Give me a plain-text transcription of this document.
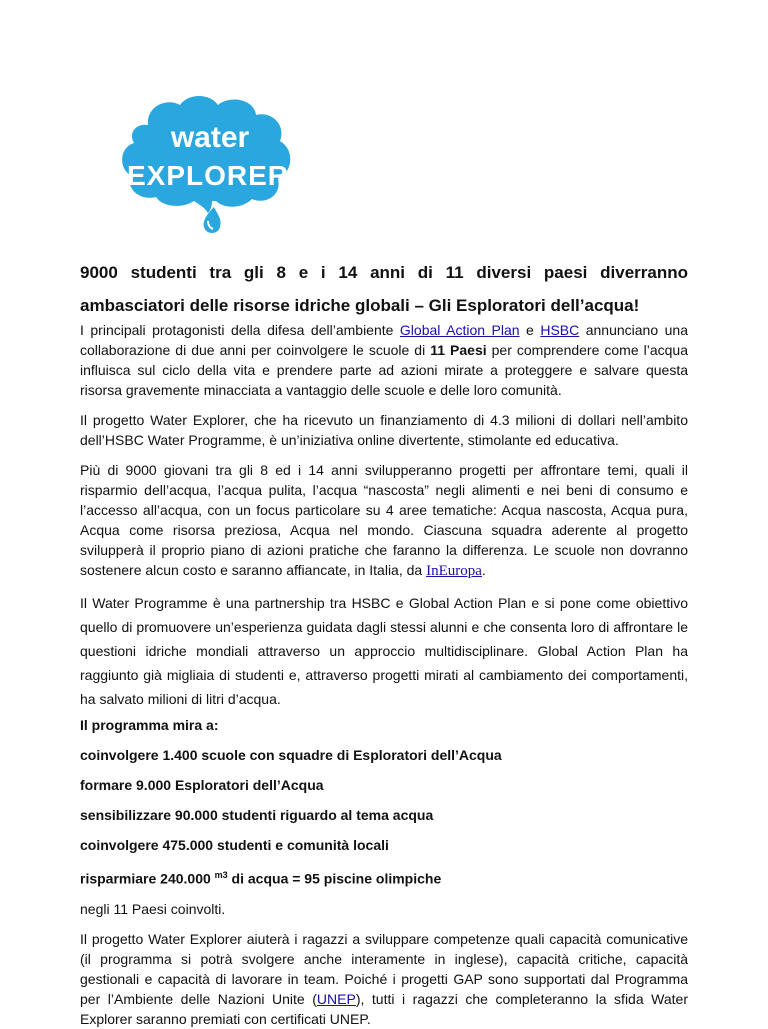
water
EXPLORER
9000 studenti tra gli 8 e i 14 anni di 11 diversi paesi diverranno ambasciatori delle risorse idriche globali – Gli Esploratori dell’acqua!

I principali protagonisti della difesa dell’ambiente Global Action Plan e HSBC annunciano una collaborazione di due anni per coinvolgere le scuole di 11 Paesi per comprendere come l’acqua influisca sul ciclo della vita e prendere parte ad azioni mirate a proteggere e salvare questa risorsa gravemente minacciata a vantaggio delle scuole e delle loro comunità.

Il progetto Water Explorer, che ha ricevuto un finanziamento di 4.3 milioni di dollari nell’ambito dell’HSBC Water Programme, è un’iniziativa online divertente, stimolante ed educativa.

Più di 9000 giovani tra gli 8 ed i 14 anni svilupperanno progetti per affrontare temi, quali il risparmio dell’acqua, l’acqua pulita, l’acqua “nascosta” negli alimenti e nei beni di consumo e l’accesso all’acqua, con un focus particolare su 4 aree tematiche: Acqua nascosta, Acqua pura, Acqua come risorsa preziosa, Acqua nel mondo. Ciascuna squadra aderente al progetto svilupperà il proprio piano di azioni pratiche che faranno la differenza. Le scuole non dovranno sostenere alcun costo e saranno affiancate, in Italia, da InEuropa.

Il Water Programme è una partnership tra HSBC e Global Action Plan e si pone come obiettivo quello di promuovere un’esperienza guidata dagli stessi alunni e che consenta loro di affrontare le questioni idriche mondiali attraverso un approccio multidisciplinare. Global Action Plan ha raggiunto già migliaia di studenti e, attraverso progetti mirati al cambiamento dei comportamenti, ha salvato milioni di litri d’acqua.

Il programma mira a:

coinvolgere 1.400 scuole con squadre di Esploratori dell’Acqua

formare 9.000 Esploratori dell’Acqua

sensibilizzare 90.000 studenti riguardo al tema acqua

coinvolgere 475.000 studenti e comunità locali

risparmiare 240.000 $^{m3}$ di acqua = 95 piscine olimpiche

negli 11 Paesi coinvolti.

Il progetto Water Explorer aiuterà i ragazzi a sviluppare competenze quali capacità comunicative (il programma si potrà svolgere anche interamente in inglese), capacità critiche, capacità gestionali e capacità di lavorare in team. Poiché i progetti GAP sono supportati dal Programma per l’Ambiente delle Nazioni Unite (UNEP), tutti i ragazzi che completeranno la sfida Water Explorer saranno premiati con certificati UNEP.
